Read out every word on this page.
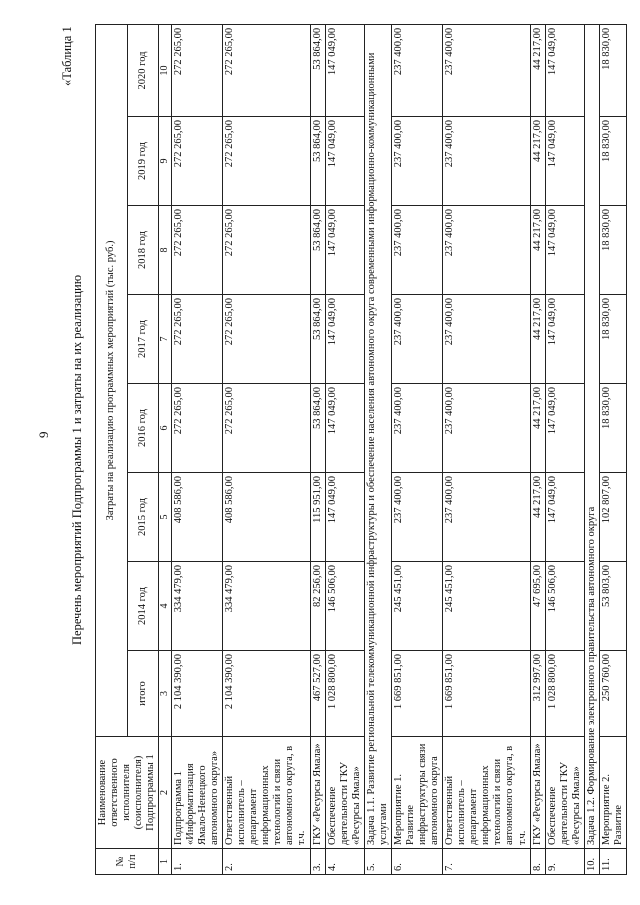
9 Перечень мероприятий Подпрограммы 1 и затраты на их реализацию
«Таблица 1
№ п/п	Наименование ответственного исполнителя (соисполнителя) Подпрограммы 1	Затраты на реализацию программных мероприятий (тыс. руб.)							
		итого	2014 год	2015 год	2016 год	2017 год	2018 год	2019 год	2020 год
1	2	3	4	5	6	7	8	9	10
1.	Подпрограмма 1 «Информатизация Ямало-Ненецкого автономного округа»	2 104 390,00	334 479,00	408 586,00	272 265,00	272 265,00	272 265,00	272 265,00	272 265,00
2.	Ответственный исполнитель – департамент информационных технологий и связи автономного округа, в т.ч.	2 104 390,00	334 479,00	408 586,00	272 265,00	272 265,00	272 265,00	272 265,00	272 265,00
3.	ГКУ «Ресурсы Ямала»	467 527,00	82 256,00	115 951,00	53 864,00	53 864,00	53 864,00	53 864,00	53 864,00
4.	Обеспечение деятельности ГКУ «Ресурсы Ямала»	1 028 800,00	146 506,00	147 049,00	147 049,00	147 049,00	147 049,00	147 049,00	147 049,00
5.	Задача 1.1. Развитие региональной телекоммуникационной инфраструктуры и обеспечение населения автономного округа современными информационно-коммуникационными услугами								
6.	Мероприятие 1. Развитие инфраструктуры связи автономного округа	1 669 851,00	245 451,00	237 400,00	237 400,00	237 400,00	237 400,00	237 400,00	237 400,00
7.	Ответственный исполнитель – департамент информационных технологий и связи автономного округа, в т.ч.	1 669 851,00	245 451,00	237 400,00	237 400,00	237 400,00	237 400,00	237 400,00	237 400,00
8.	ГКУ «Ресурсы Ямала»	312 997,00	47 695,00	44 217,00	44 217,00	44 217,00	44 217,00	44 217,00	44 217,00
9.	Обеспечение деятельности ГКУ «Ресурсы Ямала»	1 028 800,00	146 506,00	147 049,00	147 049,00	147 049,00	147 049,00	147 049,00	147 049,00
10.	Задача 1.2. Формирование электронного правительства автономного округа								
11.	Мероприятие 2. Развитие	250 760,00	53 803,00	102 807,00	18 830,00	18 830,00	18 830,00	18 830,00	18 830,00
